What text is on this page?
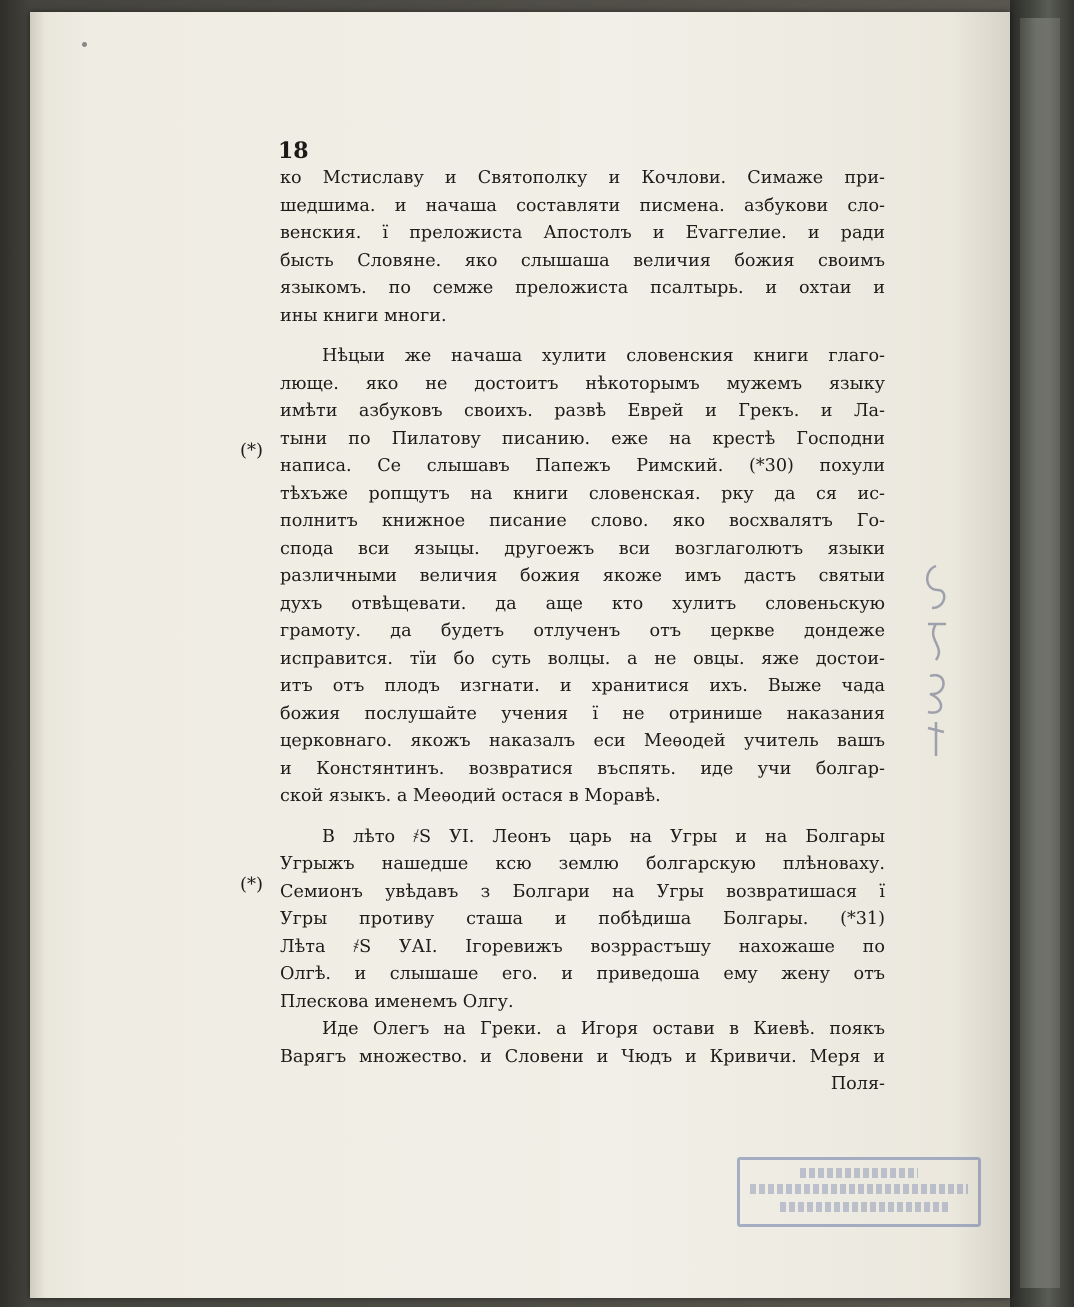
18
ко Мстиславу и Святополку и Кочлови. Симаже при-
шедшима. и начаша составляти писмена. азбукови сло-
венския. ї преложиста Апостолъ и Еvаггелие. и ради
бысть Словяне. яко слышаша величия божия своимъ
языкомъ. по семже преложиста псалтырь. и охтаи и
ины книги многи.
Нѣцыи же начаша хулити словенския книги глаго-
люще. яко не достоитъ нѣкоторымъ мужемъ языку
имѣти азбуковъ своихъ. развѣ Еврей и Грекъ. и Ла-
тыни по Пилатову писанию. еже на крестѣ Господни
написа. Се слышавъ Папежъ Римский. (*30) похули
тѣхъже ропщутъ на книги словенская. рку да ся ис-
полнитъ книжное писание слово. яко восхвалятъ Го-
спода вси языцы. другоежъ вси возглаголютъ языки
различными величия божия якоже имъ дастъ святыи
духъ отвѣщевати. да аще кто хулитъ словеньскую
грамоту. да будетъ отлученъ отъ церкве дондеже
исправится. тїи бо суть волцы. а не овцы. яже достои-
итъ отъ плодъ изгнати. и хранитися ихъ. Выже чада
божия послушайте учения ї не отринише наказания
церковнаго. якожъ наказалъ еси Меѳодей учитель вашъ
и Констянтинъ. возвратися въспять. иде учи болгар-
ской языкъ. а Меѳодий остася в Моравѣ.
В лѣто ҂Ѕ УI. Леонъ царь на Угры и на Болгары
Угрыжъ нашедше ксю землю болгарскую плѣноваху.
Семионъ увѣдавъ з Болгари на Угры возвратишася ї
Угры противу сташа и побѣдиша Болгары. (*31)
Лѣта ҂Ѕ УАI. Iгоревижъ возррастъшу нахожаше по
Олгѣ. и слышаше его. и приведоша ему жену отъ
Плескова именемъ Олгу.
Иде Олегъ на Греки. а Игоря остави в Киевѣ. поякъ
Варягъ множество. и Словени и Чюдъ и Кривичи. Меря и
Поля-
(*)
(*)
